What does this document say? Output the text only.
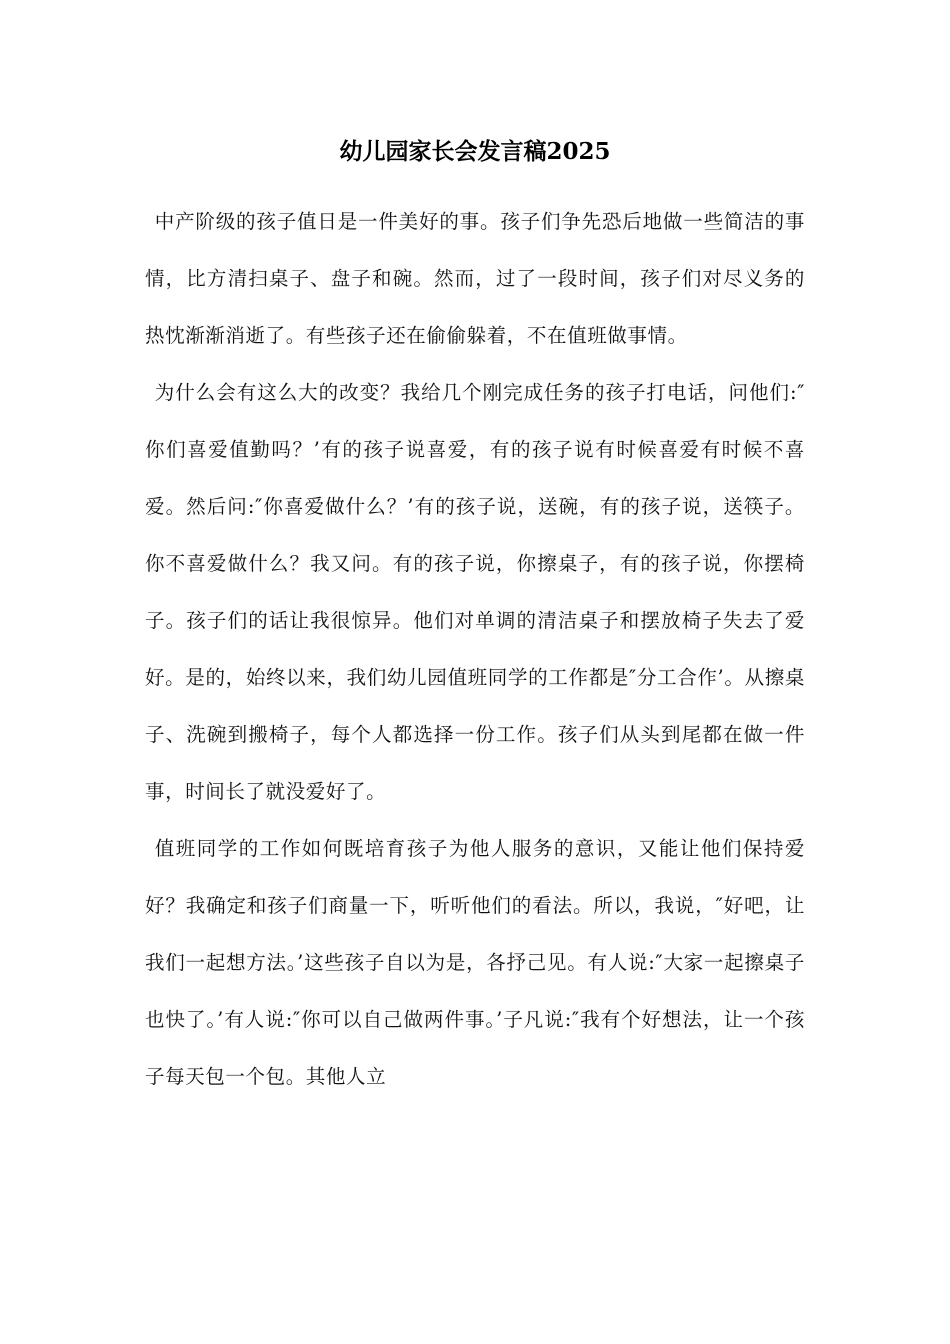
幼儿园家长会发言稿2025

中产阶级的孩子值日是一件美好的事。孩子们争先恐后地做一些简洁的事情，比方清扫桌子、盘子和碗。然而，过了一段时间，孩子们对尽义务的热忱渐渐消逝了。有些孩子还在偷偷躲着，不在值班做事情。

为什么会有这么大的改变？我给几个刚完成任务的孩子打电话，问他们:″你们喜爱值勤吗？’有的孩子说喜爱，有的孩子说有时候喜爱有时候不喜爱。然后问:″你喜爱做什么？’有的孩子说，送碗，有的孩子说，送筷子。你不喜爱做什么？我又问。有的孩子说，你擦桌子，有的孩子说，你摆椅子。孩子们的话让我很惊异。他们对单调的清洁桌子和摆放椅子失去了爱好。是的，始终以来，我们幼儿园值班同学的工作都是″分工合作’。从擦桌子、洗碗到搬椅子，每个人都选择一份工作。孩子们从头到尾都在做一件事，时间长了就没爱好了。

值班同学的工作如何既培育孩子为他人服务的意识，又能让他们保持爱好？我确定和孩子们商量一下，听听他们的看法。所以，我说，″好吧，让我们一起想方法。’这些孩子自以为是，各抒己见。有人说:″大家一起擦桌子也快了。’有人说:″你可以自己做两件事。’子凡说:″我有个好想法，让一个孩子每天包一个包。其他人立
